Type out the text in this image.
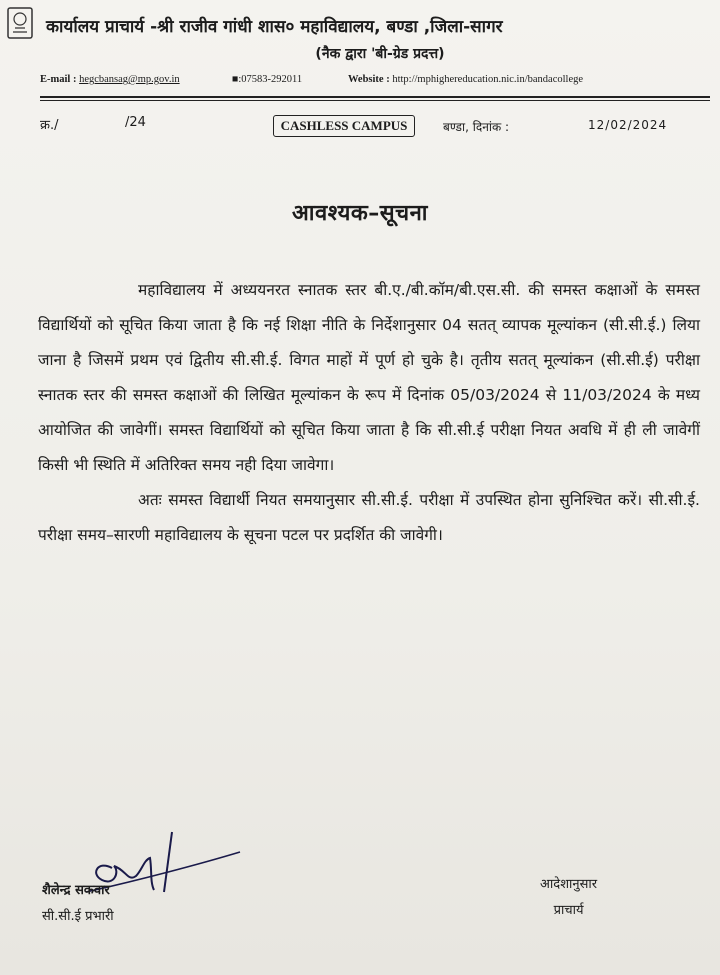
कार्यालय प्राचार्य -श्री राजीव गांधी शास० महाविद्यालय, बण्डा ,जिला-सागर
(नैक द्वारा 'बी-ग्रेड प्रदत्त)
E-mail : hegcbansag@mp.gov.in	■:07583-292011	Website : http://mphighereducation.nic.in/bandacollege
क्र./	/24	CASHLESS CAMPUS	बण्डा, दिनांक :	12/02/2024
आवश्यक–सूचना

महाविद्यालय में अध्ययनरत स्नातक स्तर बी.ए./बी.कॉम/बी.एस.सी. की समस्त कक्षाओं के समस्त विद्यार्थियों को सूचित किया जाता है कि नई शिक्षा नीति के निर्देशानुसार 04 सतत् व्यापक मूल्यांकन (सी.सी.ई.) लिया जाना है जिसमें प्रथम एवं द्वितीय सी.सी.ई. विगत माहों में पूर्ण हो चुके है। तृतीय सतत् मूल्यांकन (सी.सी.ई) परीक्षा स्नातक स्तर की समस्त कक्षाओं की लिखित मूल्यांकन के रूप में दिनांक 05/03/2024 से 11/03/2024 के मध्य आयोजित की जावेगीं। समस्त विद्यार्थियों को सूचित किया जाता है कि सी.सी.ई परीक्षा नियत अवधि में ही ली जावेगीं किसी भी स्थिति में अतिरिक्त समय नही दिया जावेगा।

अतः समस्त विद्यार्थी नियत समयानुसार सी.सी.ई. परीक्षा में उपस्थित होना सुनिश्चित करें। सी.सी.ई. परीक्षा समय–सारणी महाविद्यालय के सूचना पटल पर प्रदर्शित की जावेगी।

शैलेन्द्र सकवार
सी.सी.ई प्रभारी
आदेशानुसार
प्राचार्य
